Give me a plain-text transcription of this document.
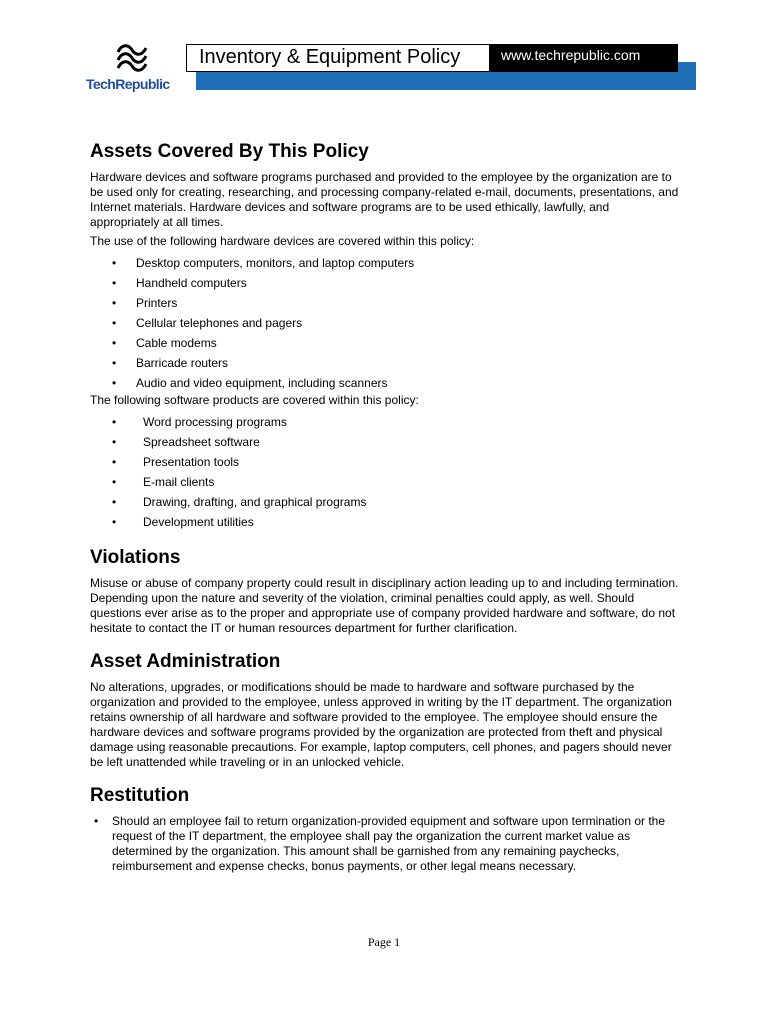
TechRepublic
Inventory & Equipment Policy	www.techrepublic.com
Assets Covered By This Policy

Hardware devices and software programs purchased and provided to the employee by the organization are to be used only for creating, researching, and processing company-related e-mail, documents, presentations, and Internet materials. Hardware devices and software programs are to be used ethically, lawfully, and appropriately at all times.

The use of the following hardware devices are covered within this policy:

• Desktop computers, monitors, and laptop computers
• Handheld computers
• Printers
• Cellular telephones and pagers
• Cable modems
• Barricade routers
• Audio and video equipment, including scanners

The following software products are covered within this policy:

• Word processing programs
• Spreadsheet software
• Presentation tools
• E-mail clients
• Drawing, drafting, and graphical programs
• Development utilities
Violations

Misuse or abuse of company property could result in disciplinary action leading up to and including termination. Depending upon the nature and severity of the violation, criminal penalties could apply, as well. Should questions ever arise as to the proper and appropriate use of company provided hardware and software, do not hesitate to contact the IT or human resources department for further clarification.

Asset Administration

No alterations, upgrades, or modifications should be made to hardware and software purchased by the organization and provided to the employee, unless approved in writing by the IT department. The organization retains ownership of all hardware and software provided to the employee. The employee should ensure the hardware devices and software programs provided by the organization are protected from theft and physical damage using reasonable precautions. For example, laptop computers, cell phones, and pagers should never be left unattended while traveling or in an unlocked vehicle.

Restitution
• Should an employee fail to return organization-provided equipment and software upon termination or the request of the IT department, the employee shall pay the organization the current market value as determined by the organization. This amount shall be garnished from any remaining paychecks, reimbursement and expense checks, bonus payments, or other legal means necessary.
Page 1
